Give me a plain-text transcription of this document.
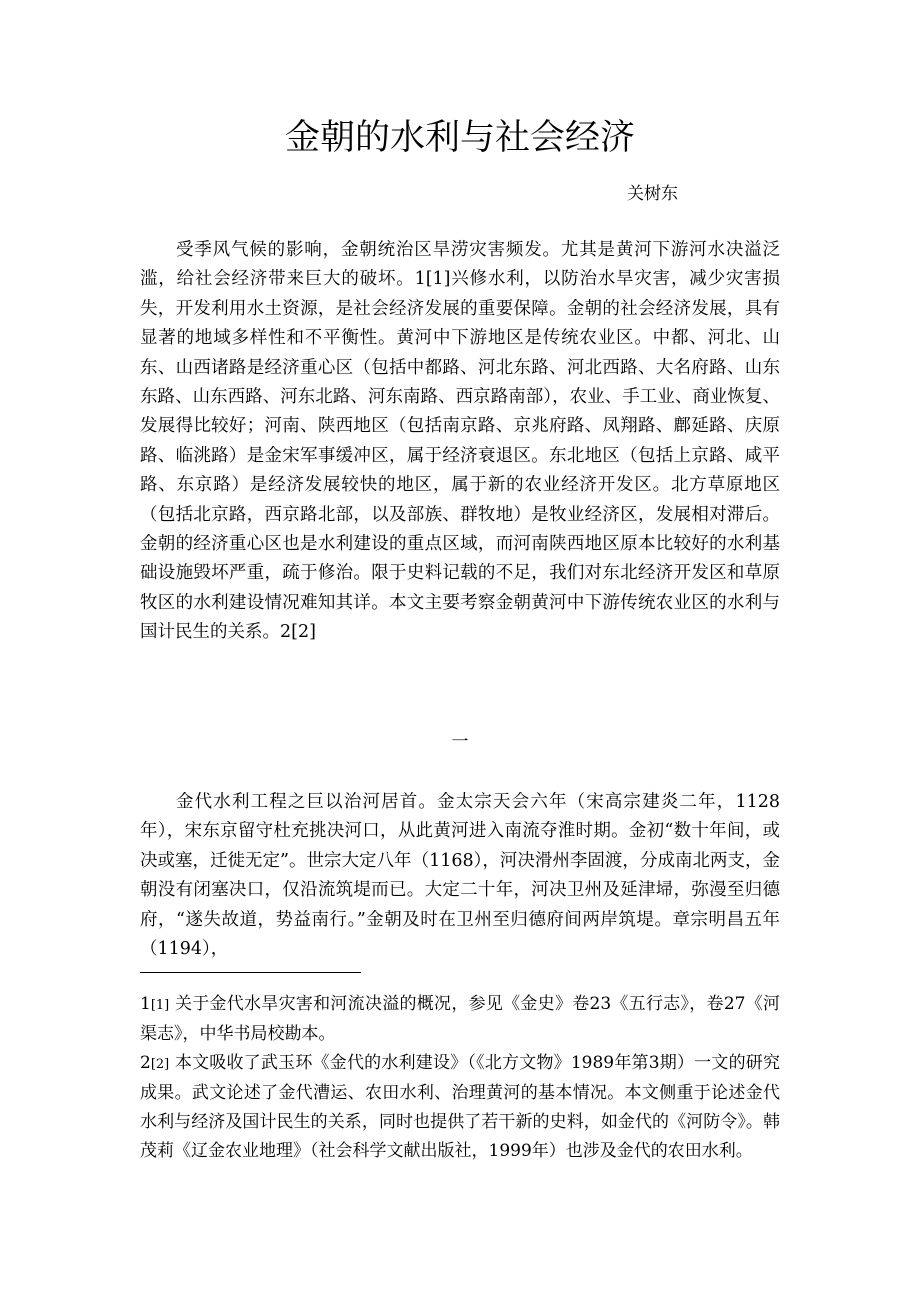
金朝的水利与社会经济
关树东

受季风气候的影响，金朝统治区旱涝灾害频发。尤其是黄河下游河水决溢泛滥，给社会经济带来巨大的破坏。1[1]兴修水利，以防治水旱灾害，减少灾害损失，开发利用水土资源，是社会经济发展的重要保障。金朝的社会经济发展，具有显著的地域多样性和不平衡性。黄河中下游地区是传统农业区。中都、河北、山东、山西诸路是经济重心区（包括中都路、河北东路、河北西路、大名府路、山东东路、山东西路、河东北路、河东南路、西京路南部），农业、手工业、商业恢复、发展得比较好；河南、陕西地区（包括南京路、京兆府路、凤翔路、鄜延路、庆原路、临洮路）是金宋军事缓冲区，属于经济衰退区。东北地区（包括上京路、咸平路、东京路）是经济发展较快的地区，属于新的农业经济开发区。北方草原地区（包括北京路，西京路北部，以及部族、群牧地）是牧业经济区，发展相对滞后。金朝的经济重心区也是水利建设的重点区域，而河南陕西地区原本比较好的水利基础设施毁坏严重，疏于修治。限于史料记载的不足，我们对东北经济开发区和草原牧区的水利建设情况难知其详。本文主要考察金朝黄河中下游传统农业区的水利与国计民生的关系。2[2]

一

金代水利工程之巨以治河居首。金太宗天会六年（宋高宗建炎二年，1128年），宋东京留守杜充挑决河口，从此黄河进入南流夺淮时期。金初“数十年间，或决或塞，迁徙无定”。世宗大定八年（1168），河决滑州李固渡，分成南北两支，金朝没有闭塞决口，仅沿流筑堤而已。大定二十年，河决卫州及延津埽，弥漫至归德府，“遂失故道，势益南行。”金朝及时在卫州至归德府间两岸筑堤。章宗明昌五年（1194），

1[1] 关于金代水旱灾害和河流决溢的概况，参见《金史》卷23《五行志》，卷27《河渠志》，中华书局校勘本。

2[2] 本文吸收了武玉环《金代的水利建设》（《北方文物》1989年第3期）一文的研究成果。武文论述了金代漕运、农田水利、治理黄河的基本情况。本文侧重于论述金代水利与经济及国计民生的关系，同时也提供了若干新的史料，如金代的《河防令》。韩茂莉《辽金农业地理》（社会科学文献出版社，1999年）也涉及金代的农田水利。
